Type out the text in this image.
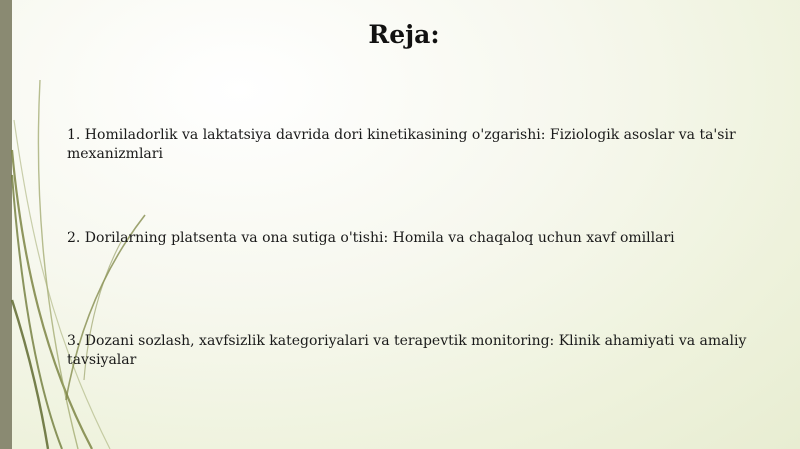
Reja:
1. Homiladorlik va laktatsiya davrida dori kinetikasining o'zgarishi: Fiziologik asoslar va ta'sir mexanizmlari
2. Dorilarning platsenta va ona sutiga o'tishi: Homila va chaqaloq uchun xavf omillari
3. Dozani sozlash, xavfsizlik kategoriyalari va terapevtik monitoring: Klinik ahamiyati va amaliy tavsiyalar
